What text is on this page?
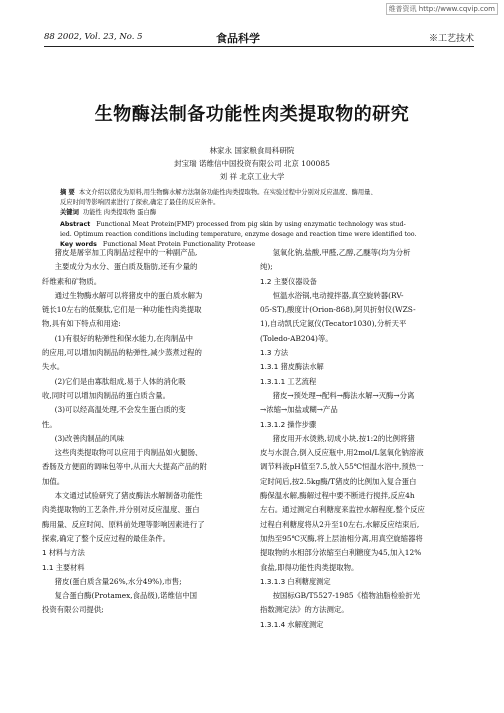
维普资讯 http://www.cqvip.com
88 2002, Vol. 23, No. 5	食品科学	※工艺技术
生物酶法制备功能性肉类提取物的研究
林家永 国家粮食局科研院
封宝瑞 诺维信中国投资有限公司 北京 100085
刘 祥 北京工业大学
摘 要 本文介绍以猪皮为原料,用生物酶水解方法制备功能性肉类提取物。在实验过程中分别对反应温度、酶用量、
反应时间等影响因素进行了探索,确定了最佳的反应条件。
关键词 功能性 肉类提取物 蛋白酶
Abstract Functional Meat Protein(FMP) processed from pig skin by using enzymatic technology was stud-
ied. Optimum reaction conditions including temperature, enzyme dosage and reaction time were identified too.
Key words Functional Meat Protein Functionality Protease

猪皮是屠宰加工肉制品过程中的一种副产品,

主要成分为水分、蛋白质及脂肪,还有少量的

纤维素和矿物质。

通过生物酶水解可以将猪皮中的蛋白质水解为

链长10左右的低聚肽,它们是一种功能性肉类提取

物,具有如下特点和用途:

(1)有很好的粘弹性和保水能力,在肉制品中

的应用,可以增加肉制品的粘弹性,减少蒸煮过程的

失水。

(2)它们是由寡肽组成,易于人体的消化吸

收,同时可以增加肉制品的蛋白质含量。

(3)可以经高温处理,不会发生蛋白质的变

性。

(3)改善肉制品的风味

这些肉类提取物可以应用于肉制品如火腿肠、

香肠及方便面的调味包等中,从而大大提高产品的附

加值。

本文通过试验研究了猪皮酶法水解制备功能性

肉类提取物的工艺条件,并分别对反应温度、蛋白

酶用量、反应时间、原料前处理等影响因素进行了

探索,确定了整个反应过程的最佳条件。

1 材料与方法

1.1 主要材料

猪皮(蛋白质含量26%,水分49%),市售;

复合蛋白酶(Protamex,食品级),诺维信中国

投资有限公司提供;

氢氧化钠,盐酸,甲醛,乙醇,乙醚等(均为分析

纯);

1.2 主要仪器设备

恒温水浴锅,电动搅拌器,真空旋转器(RV-

05-ST),酸度计(Orion-868),阿贝折射仪(WZS-

1),自动凯氏定氮仪(Tecator1030),分析天平

(Toledo-AB204)等。

1.3 方法

1.3.1 猪皮酶法水解

1.3.1.1 工艺流程

猪皮→预处理→配料→酶法水解→灭酶→分离

→浓缩→加盐或糊→产品

1.3.1.2 操作步骤

猪皮用开水烫熟,切成小块,按1:2的比例将猪

皮与水混合,倒入反应瓶中,用2mol/L氢氧化钠溶液

调节料液pH值至7.5,放入55℃恒温水浴中,预热一

定时间后,按2.5kg酶/T猪皮的比例加入复合蛋白

酶保温水解,酶解过程中要不断进行搅拌,反应4h

左右。通过测定白利糖度来监控水解程度,整个反应

过程白利糖度将从2升至10左右,水解反应结束后,

加热至95℃灭酶,将上层油相分离,用真空旋缩器将

提取物的水相部分浓缩至白利糖度为45,加入12%

食盐,即得功能性肉类提取物。

1.3.1.3 白利糖度测定

按国标GB/T5527-1985《植物油脂检验折光

指数测定法》的方法测定。

1.3.1.4 水解度测定
